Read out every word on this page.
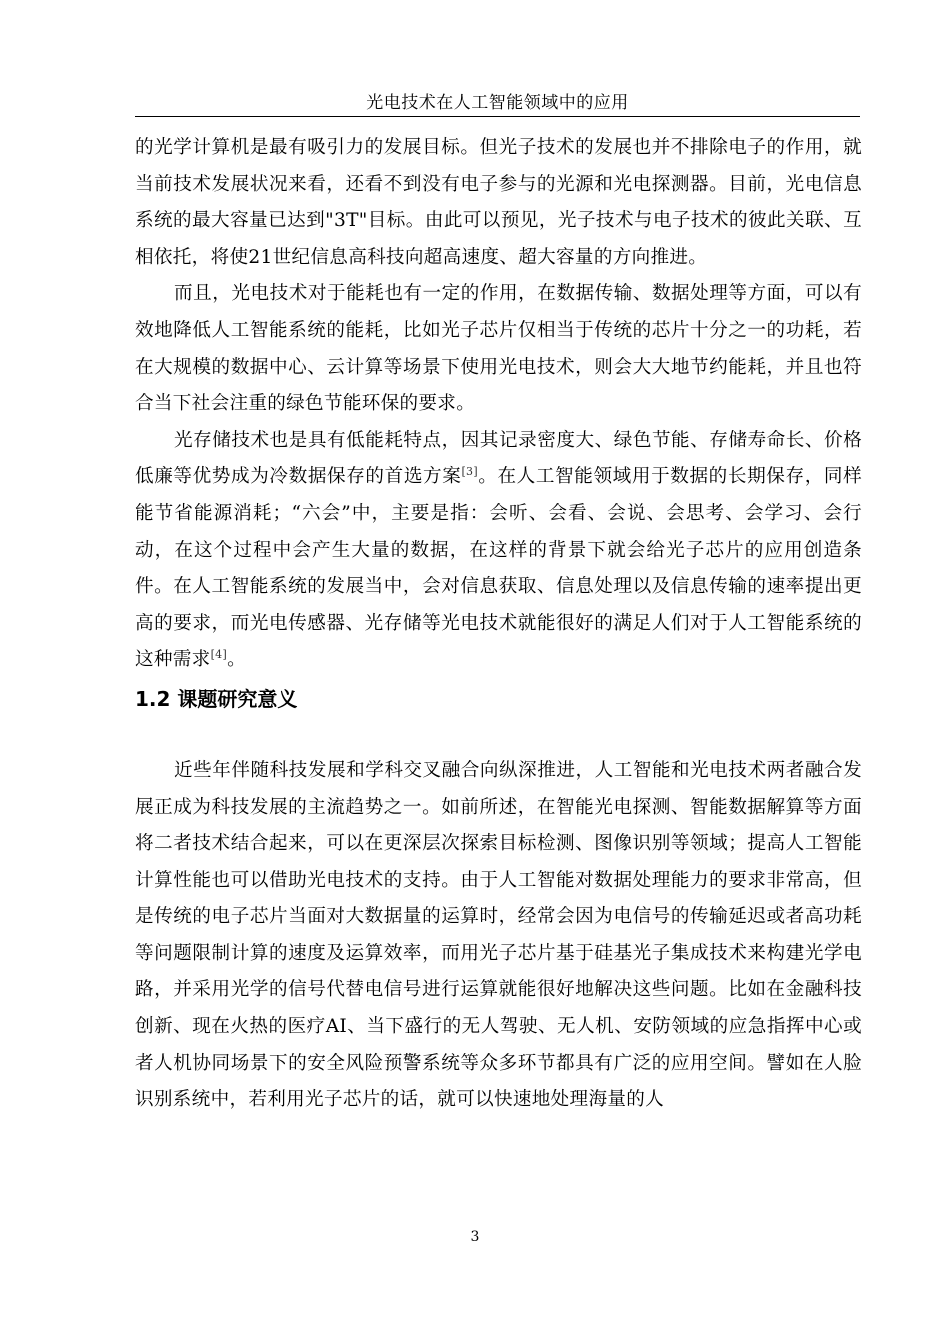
光电技术在人工智能领域中的应用

的光学计算机是最有吸引力的发展目标。但光子技术的发展也并不排除电子的作用，就当前技术发展状况来看，还看不到没有电子参与的光源和光电探测器。目前，光电信息系统的最大容量已达到"3T"目标。由此可以预见，光子技术与电子技术的彼此关联、互相依托，将使21世纪信息高科技向超高速度、超大容量的方向推进。

而且，光电技术对于能耗也有一定的作用，在数据传输、数据处理等方面，可以有效地降低人工智能系统的能耗，比如光子芯片仅相当于传统的芯片十分之一的功耗，若在大规模的数据中心、云计算等场景下使用光电技术，则会大大地节约能耗，并且也符合当下社会注重的绿色节能环保的要求。

光存储技术也是具有低能耗特点，因其记录密度大、绿色节能、存储寿命长、价格低廉等优势成为冷数据保存的首选方案[3]。在人工智能领域用于数据的长期保存，同样能节省能源消耗；“六会”中，主要是指：会听、会看、会说、会思考、会学习、会行动，在这个过程中会产生大量的数据，在这样的背景下就会给光子芯片的应用创造条件。在人工智能系统的发展当中，会对信息获取、信息处理以及信息传输的速率提出更高的要求，而光电传感器、光存储等光电技术就能很好的满足人们对于人工智能系统的这种需求[4]。

1.2 课题研究意义

近些年伴随科技发展和学科交叉融合向纵深推进，人工智能和光电技术两者融合发展正成为科技发展的主流趋势之一。如前所述，在智能光电探测、智能数据解算等方面将二者技术结合起来，可以在更深层次探索目标检测、图像识别等领域；提高人工智能计算性能也可以借助光电技术的支持。由于人工智能对数据处理能力的要求非常高，但是传统的电子芯片当面对大数据量的运算时，经常会因为电信号的传输延迟或者高功耗等问题限制计算的速度及运算效率，而用光子芯片基于硅基光子集成技术来构建光学电路，并采用光学的信号代替电信号进行运算就能很好地解决这些问题。比如在金融科技创新、现在火热的医疗AI、当下盛行的无人驾驶、无人机、安防领域的应急指挥中心或者人机协同场景下的安全风险预警系统等众多环节都具有广泛的应用空间。譬如在人脸识别系统中，若利用光子芯片的话，就可以快速地处理海量的人

3
